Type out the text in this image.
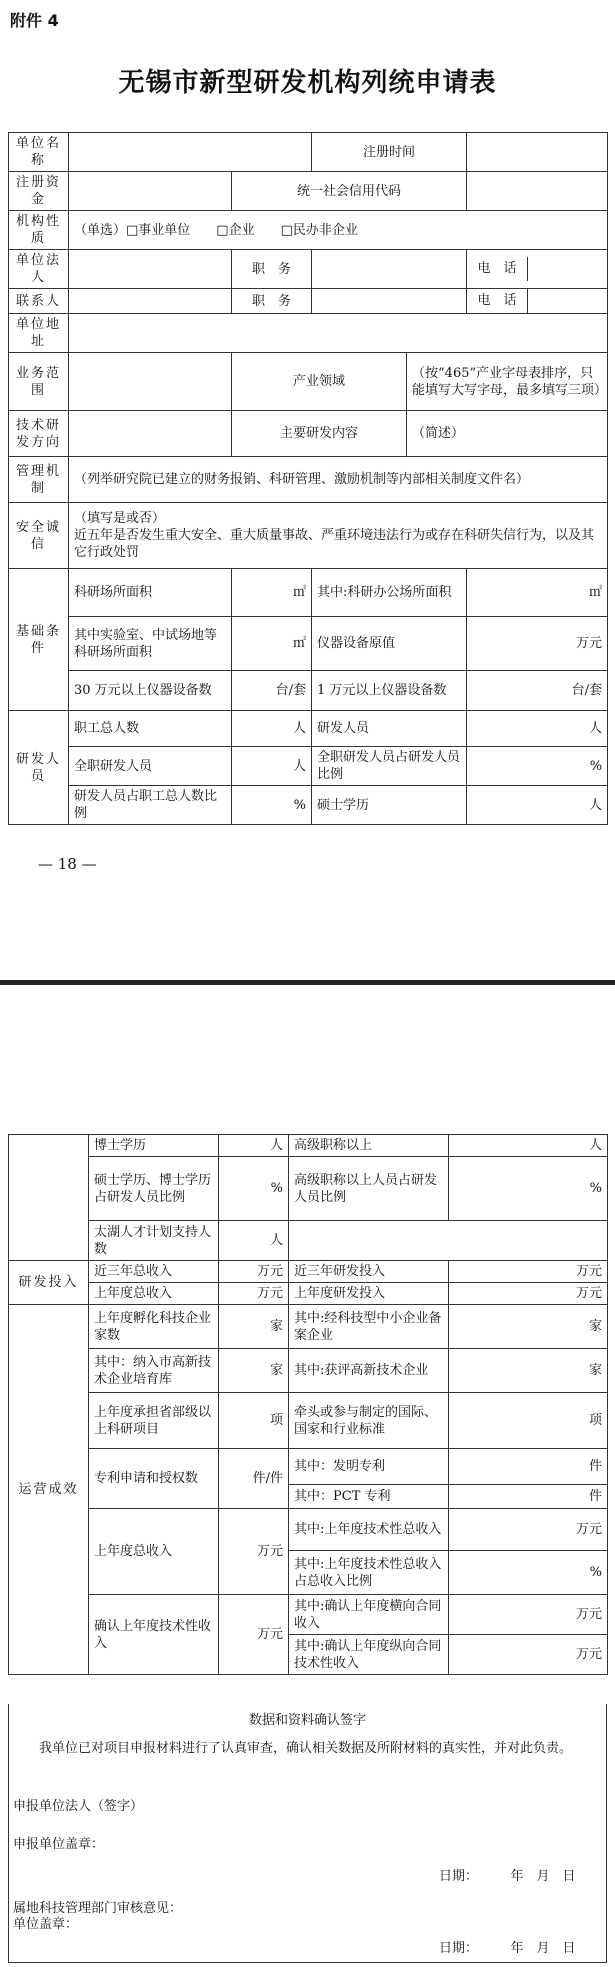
附件 4
无锡市新型研发机构列统申请表
单位名称			注册时间		
注册资金		统一社会信用代码			
机构性质	（单选）□事业单位　　□企业　　□民办非企业				
单位法人		职　务			电　话

联系人		职　务			电　话

单位地址					
业务范围		产业领域		（按“465”产业字母表排序，只能填写大写字母，最多填写三项）	
技术研发方向		主要研发内容		（简述）	
管理机制	（列举研究院已建立的财务报销、科研管理、激励机制等内部相关制度文件名）				
安全诚信	（填写是或否）
近五年是否发生重大安全、重大质量事故、严重环境违法行为或存在科研失信行为，以及其它行政处罚				
基础条件	科研场所面积	㎡	其中:科研办公场所面积		㎡
	其中实验室、中试场地等科研场所面积	㎡	仪器设备原值		万元
	30 万元以上仪器设备数	台/套	1 万元以上仪器设备数		台/套
研发人员	职工总人数	人	研发人员		人
	全职研发人员	人	全职研发人员占研发人员比例		%
	研发人员占职工总人数比例	%	硕士学历		人
— 18 —
	博士学历	人	高级职称以上	人
	硕士学历、博士学历占研发人员比例	%	高级职称以上人员占研发人员比例	%
	太湖人才计划支持人数	人		
研发投入	近三年总收入	万元	近三年研发投入	万元
	上年度总收入	万元	上年度研发投入	万元
运营成效	上年度孵化科技企业家数	家	其中:经科技型中小企业备案企业	家
	其中：纳入市高新技术企业培育库	家	其中:获评高新技术企业	家
	上年度承担省部级以上科研项目	项	牵头或参与制定的国际、国家和行业标准	项
	专利申请和授权数	件/件	其中：发明专利	件
			其中：PCT 专利	件
	上年度总收入	万元	其中:上年度技术性总收入	万元
			其中:上年度技术性总收入占总收入比例	%
	确认上年度技术性收入	万元	其中:确认上年度横向合同收入	万元
			其中:确认上年度纵向合同技术性收入	万元
数据和资料确认签字
我单位已对项目申报材料进行了认真审查，确认相关数据及所附材料的真实性，并对此负责。
申报单位法人（签字）
申报单位盖章：
日期：　　　年　月　日
属地科技管理部门审核意见：
单位盖章：
日期：　　　年　月　日
